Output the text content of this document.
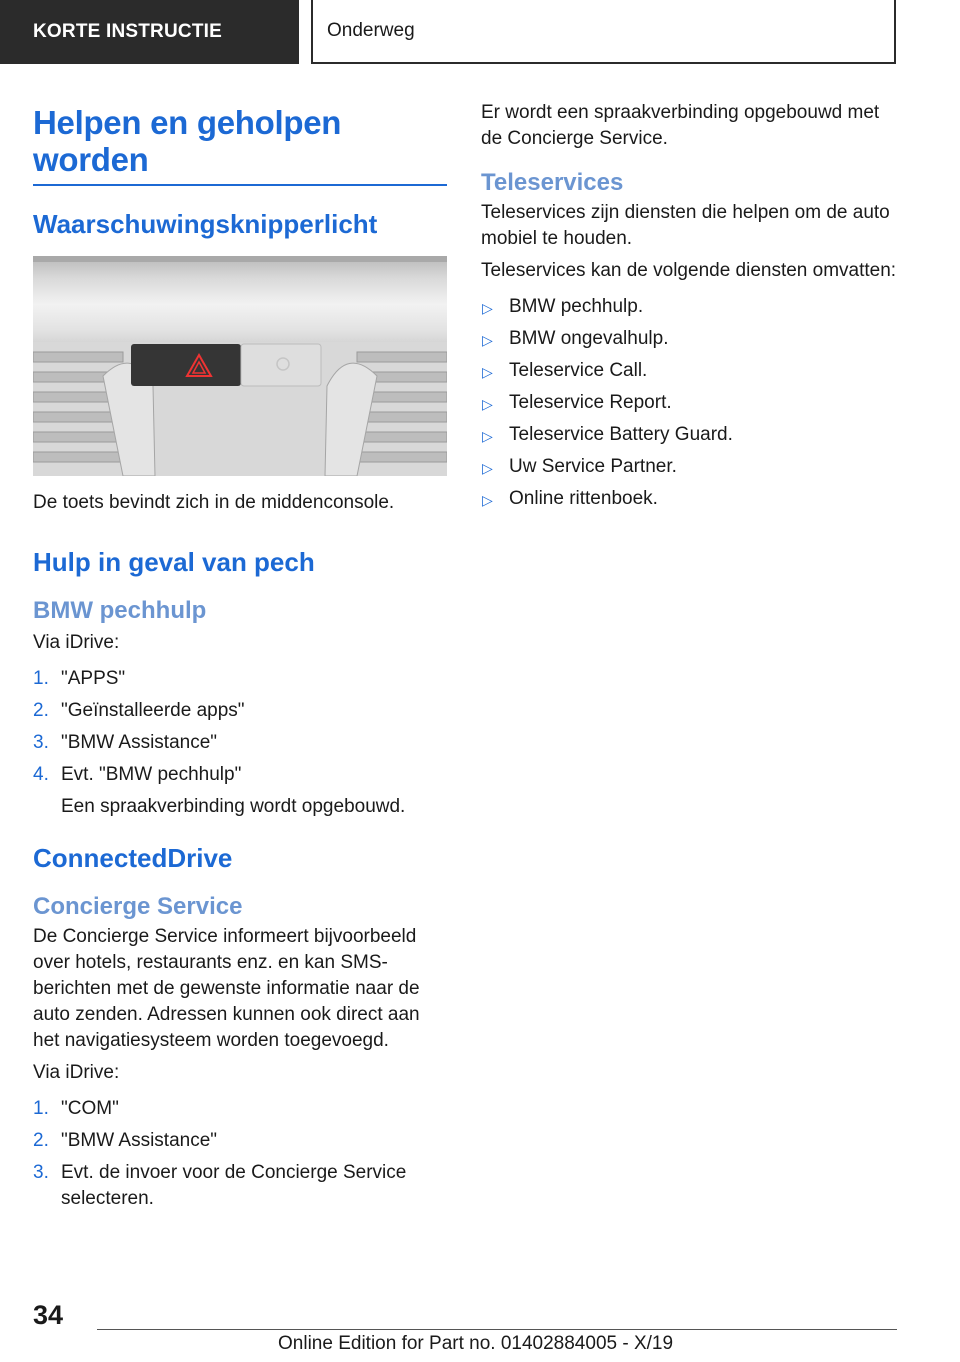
KORTE INSTRUCTIE	Onderweg
Helpen en geholpen worden
Waarschuwingsknipperlicht

De toets bevindt zich in de middenconsole.

Hulp in geval van pech
BMW pechhulp

Via iDrive:

1. "APPS"
2. "Geïnstalleerde apps"
3. "BMW Assistance"
4. Evt. "BMW pechhulp"
Een spraakverbinding wordt opgebouwd.
ConnectedDrive
Concierge Service

De Concierge Service informeert bijvoorbeeld over hotels, restaurants enz. en kan SMS-berichten met de gewenste informatie naar de auto zenden. Adressen kunnen ook direct aan het navigatiesysteem worden toegevoegd.

Via iDrive:

1. "COM"
2. "BMW Assistance"
3. Evt. de invoer voor de Concierge Service selecteren.

Er wordt een spraakverbinding opgebouwd met de Concierge Service.

Teleservices

Teleservices zijn diensten die helpen om de auto mobiel te houden.

Teleservices kan de volgende diensten omvatten:

▷ BMW pechhulp.
▷ BMW ongevalhulp.
▷ Teleservice Call.
▷ Teleservice Report.
▷ Teleservice Battery Guard.
▷ Uw Service Partner.
▷ Online rittenboek.
34
Online Edition for Part no. 01402884005 - X/19
